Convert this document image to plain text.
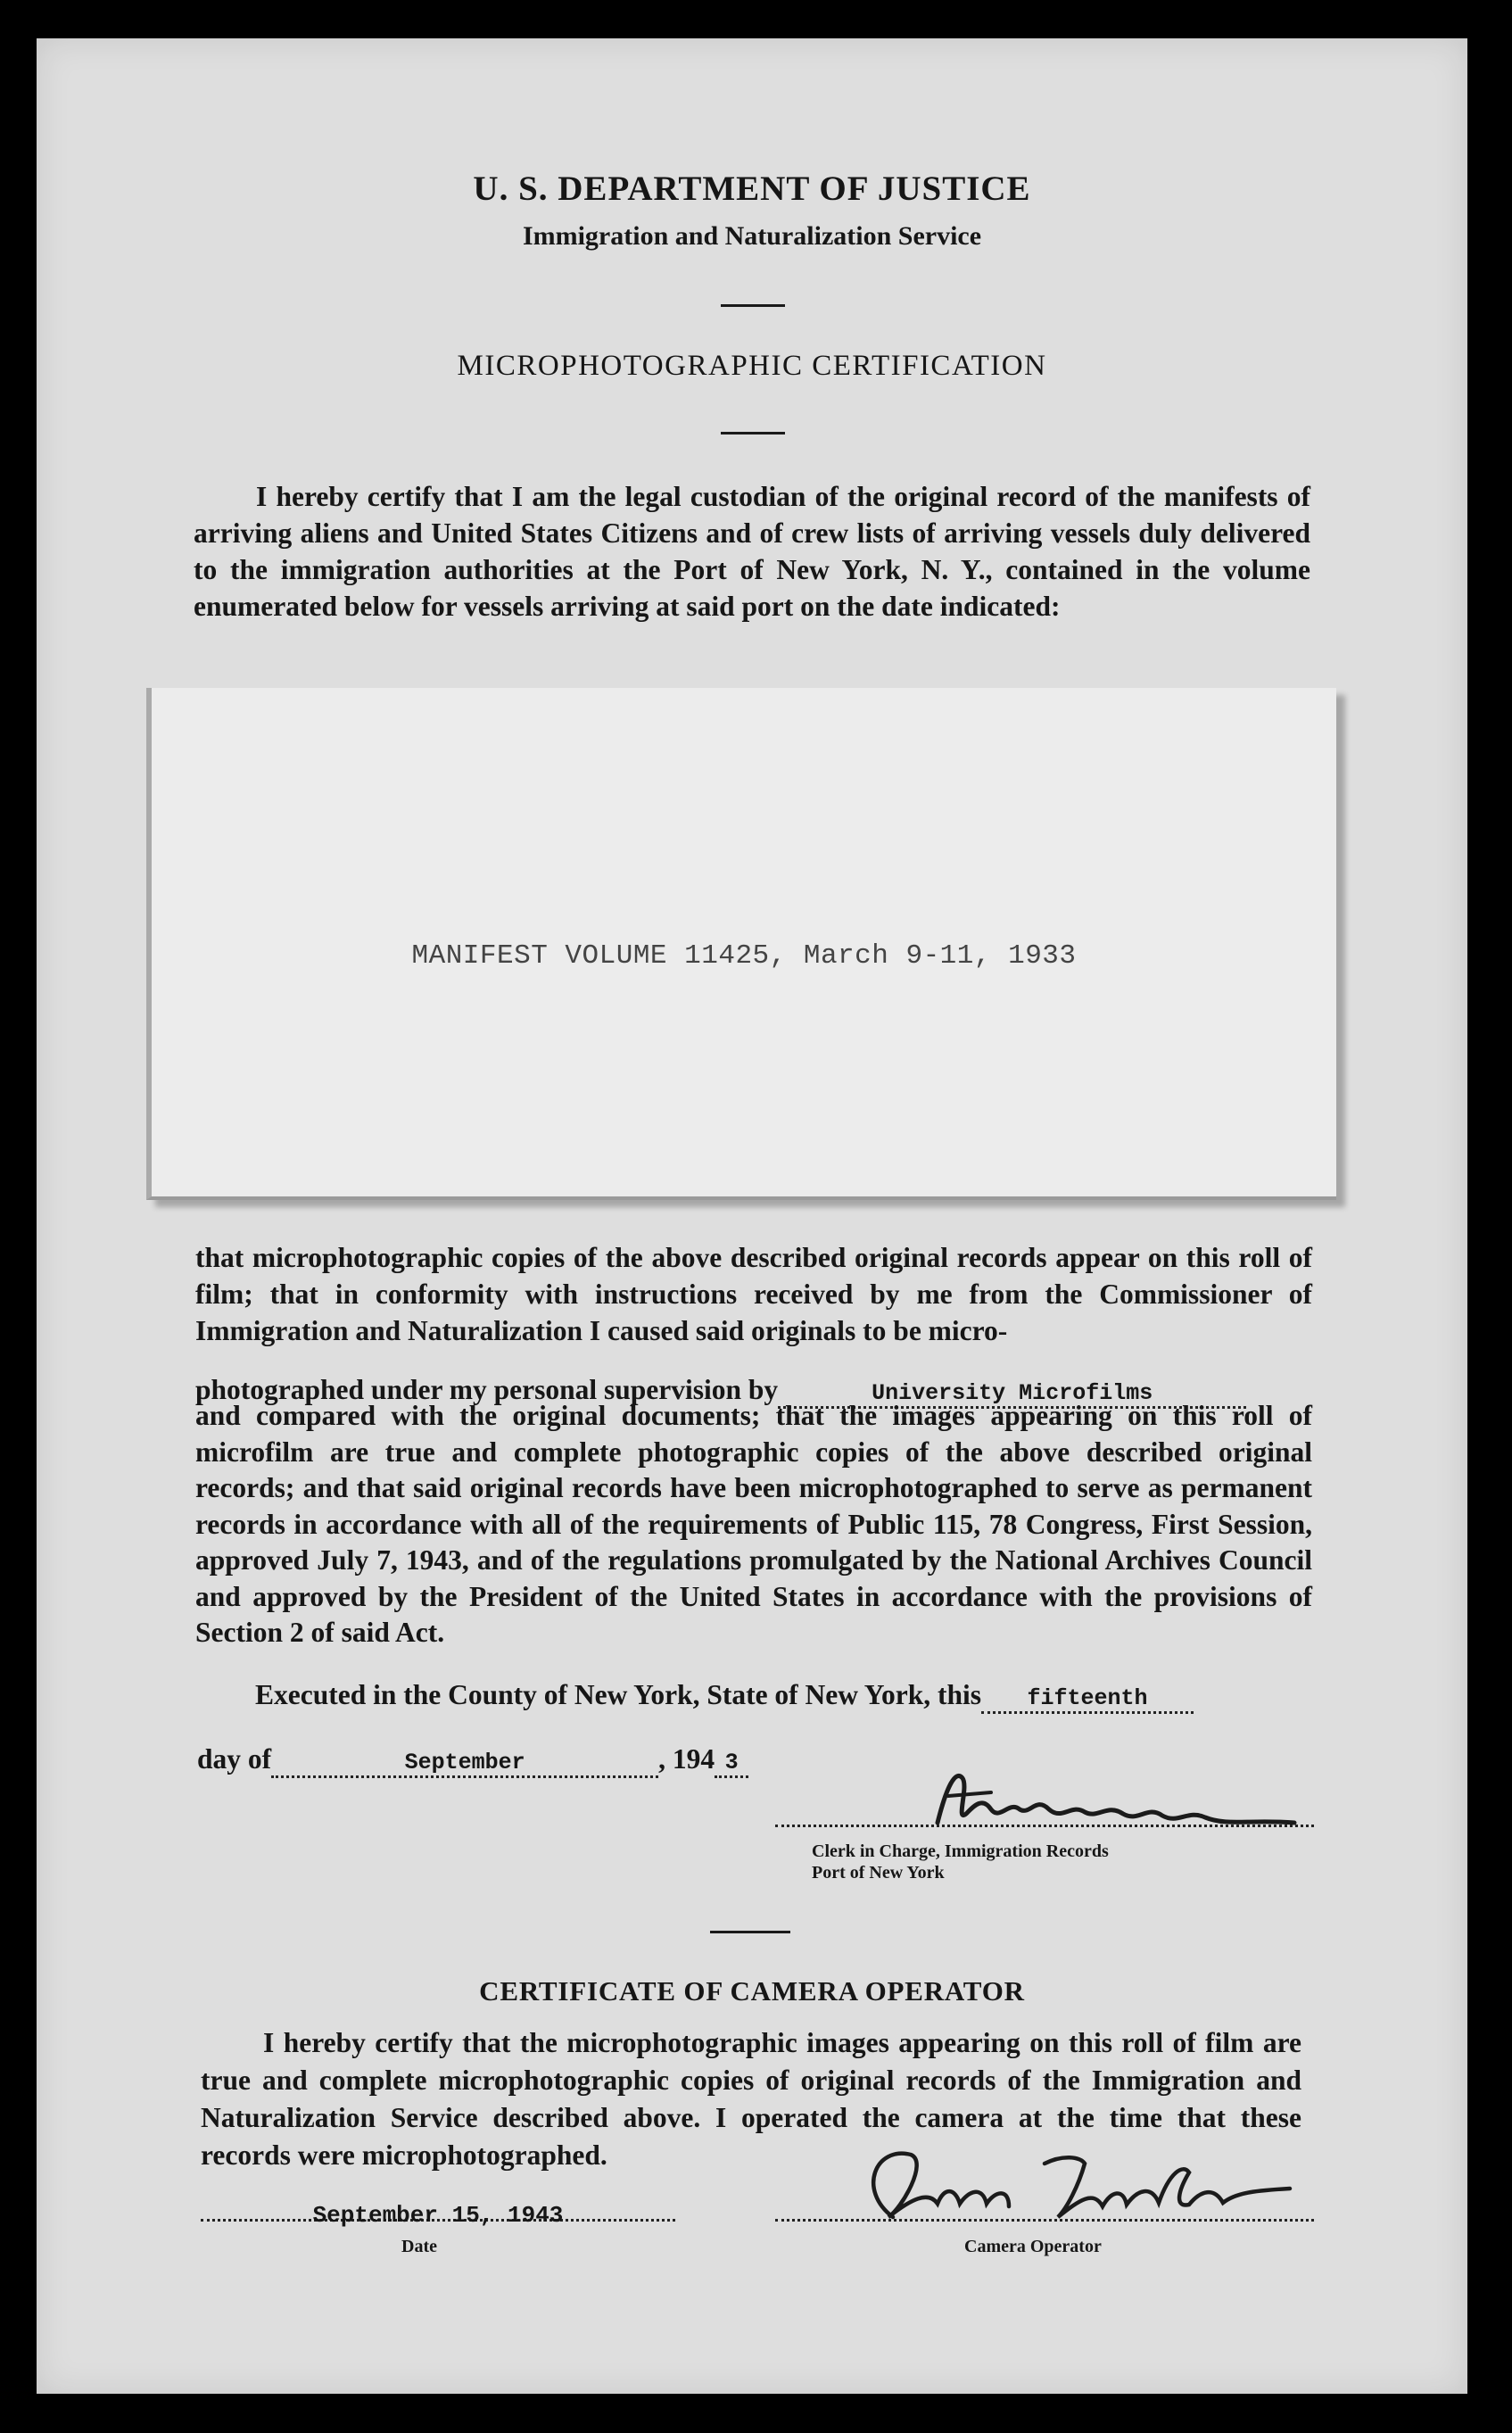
U. S. DEPARTMENT OF JUSTICE
Immigration and Naturalization Service
MICROPHOTOGRAPHIC CERTIFICATION

I hereby certify that I am the legal custodian of the original record of the manifests of arriving aliens and United States Citizens and of crew lists of arriving vessels duly delivered to the immigration authorities at the Port of New York, N. Y., contained in the volume enumerated below for vessels arriving at said port on the date indicated:

MANIFEST VOLUME 11425, March 9-11, 1933

that microphotographic copies of the above described original records appear on this roll of film; that in conformity with instructions received by me from the Commissioner of Immigration and Naturalization I caused said originals to be micro-

photographed under my personal supervision by	University Microfilms

and compared with the original documents; that the images appearing on this roll of microfilm are true and complete photographic copies of the above described original records; and that said original records have been microphotographed to serve as permanent records in accordance with all of the requirements of Public 115, 78 Congress, First Session, approved July 7, 1943, and of the regulations promulgated by the National Archives Council and approved by the President of the United States in accordance with the provisions of Section 2 of said Act.

Executed in the County of New York, State of New York, this fifteenth
day of	September	, 194 3
Clerk in Charge, Immigration Records
Port of New York
CERTIFICATE OF CAMERA OPERATOR

I hereby certify that the microphotographic images appearing on this roll of film are true and complete microphotographic copies of original records of the Immigration and Naturalization Service described above. I operated the camera at the time that these records were microphotographed.

September 15, 1943
Date	Camera Operator
